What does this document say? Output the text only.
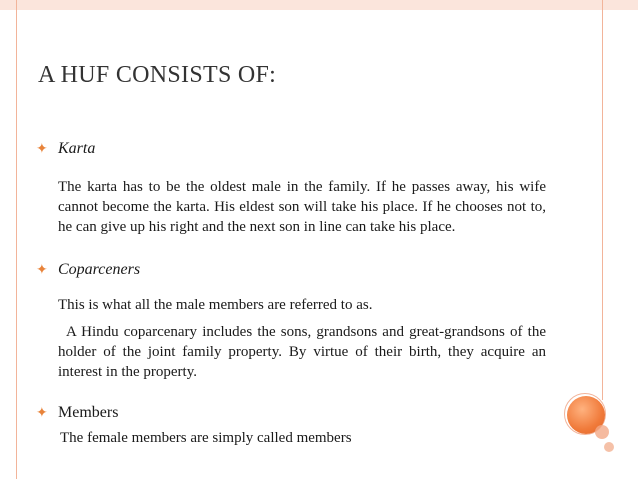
A HUF CONSISTS OF:
✦ Karta
The karta has to be the oldest male in the family. If he passes away, his wife cannot become the karta. His eldest son will take his place. If he chooses not to, he can give up his right and the next son in line can take his place.
✦ Coparceners
This is what all the male members are referred to as.
A Hindu coparcenary includes the sons, grandsons and great-grandsons of the holder of the joint family property. By virtue of their birth, they acquire an interest in the property.
✦ Members
The female members are simply called members
